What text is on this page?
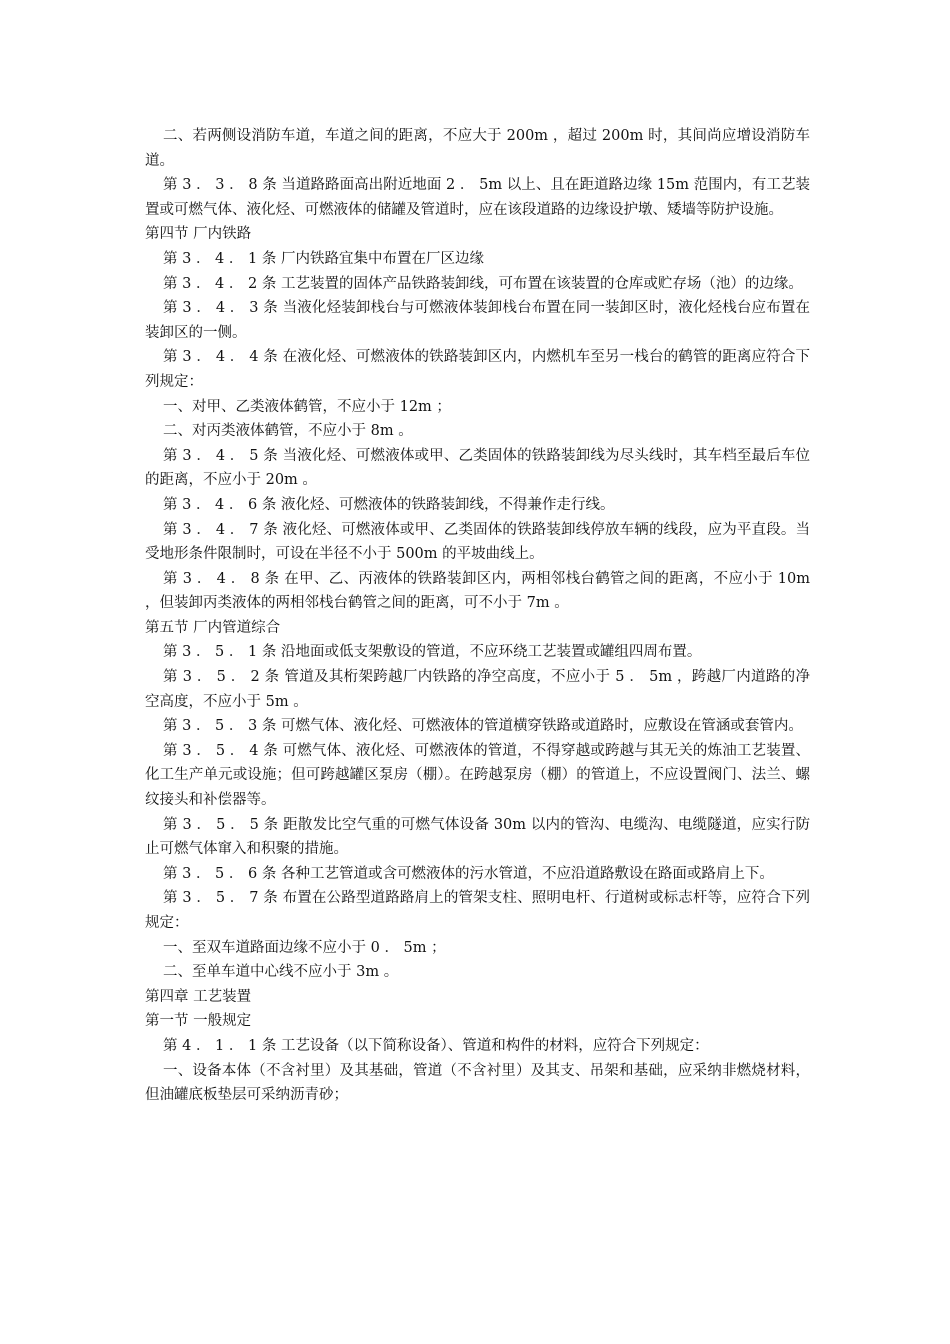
二、若两侧设消防车道，车道之间的距离，不应大于 200m ，超过 200m 时，其间尚应增设消防车道。

第 3 ． 3 ． 8 条 当道路路面高出附近地面 2 ． 5m 以上、且在距道路边缘 15m 范围内，有工艺装置或可燃气体、液化烃、可燃液体的储罐及管道时，应在该段道路的边缘设护墩、矮墙等防护设施。

第四节 厂内铁路

第 3 ． 4 ． 1 条 厂内铁路宜集中布置在厂区边缘

第 3 ． 4 ． 2 条 工艺装置的固体产品铁路装卸线，可布置在该装置的仓库或贮存场（池）的边缘。

第 3 ． 4 ． 3 条 当液化烃装卸栈台与可燃液体装卸栈台布置在同一装卸区时，液化烃栈台应布置在装卸区的一侧。

第 3 ． 4 ． 4 条 在液化烃、可燃液体的铁路装卸区内，内燃机车至另一栈台的鹤管的距离应符合下列规定：

一、对甲、乙类液体鹤管，不应小于 12m ；

二、对丙类液体鹤管，不应小于 8m 。

第 3 ． 4 ． 5 条 当液化烃、可燃液体或甲、乙类固体的铁路装卸线为尽头线时，其车档至最后车位的距离，不应小于 20m 。

第 3 ． 4 ． 6 条 液化烃、可燃液体的铁路装卸线，不得兼作走行线。

第 3 ． 4 ． 7 条 液化烃、可燃液体或甲、乙类固体的铁路装卸线停放车辆的线段，应为平直段。当受地形条件限制时，可设在半径不小于 500m 的平坡曲线上。

第 3 ． 4 ． 8 条 在甲、乙、丙液体的铁路装卸区内，两相邻栈台鹤管之间的距离，不应小于 10m ，但装卸丙类液体的两相邻栈台鹤管之间的距离，可不小于 7m 。

第五节 厂内管道综合

第 3 ． 5 ． 1 条 沿地面或低支架敷设的管道，不应环绕工艺装置或罐组四周布置。

第 3 ． 5 ． 2 条 管道及其桁架跨越厂内铁路的净空高度，不应小于 5 ． 5m ，跨越厂内道路的净空高度，不应小于 5m 。

第 3 ． 5 ． 3 条 可燃气体、液化烃、可燃液体的管道横穿铁路或道路时，应敷设在管涵或套管内。

第 3 ． 5 ． 4 条 可燃气体、液化烃、可燃液体的管道，不得穿越或跨越与其无关的炼油工艺装置、化工生产单元或设施；但可跨越罐区泵房（棚）。在跨越泵房（棚）的管道上，不应设置阀门、法兰、螺纹接头和补偿器等。

第 3 ． 5 ． 5 条 距散发比空气重的可燃气体设备 30m 以内的管沟、电缆沟、电缆隧道，应实行防止可燃气体窜入和积聚的措施。

第 3 ． 5 ． 6 条 各种工艺管道或含可燃液体的污水管道，不应沿道路敷设在路面或路肩上下。

第 3 ． 5 ． 7 条 布置在公路型道路路肩上的管架支柱、照明电杆、行道树或标志杆等，应符合下列规定：

一、至双车道路面边缘不应小于 0 ． 5m ；

二、至单车道中心线不应小于 3m 。

第四章 工艺装置

第一节 一般规定

第 4 ． 1 ． 1 条 工艺设备（以下简称设备）、管道和构件的材料，应符合下列规定：

一、设备本体（不含衬里）及其基础，管道（不含衬里）及其支、吊架和基础，应采纳非燃烧材料，但油罐底板垫层可采纳沥青砂；
